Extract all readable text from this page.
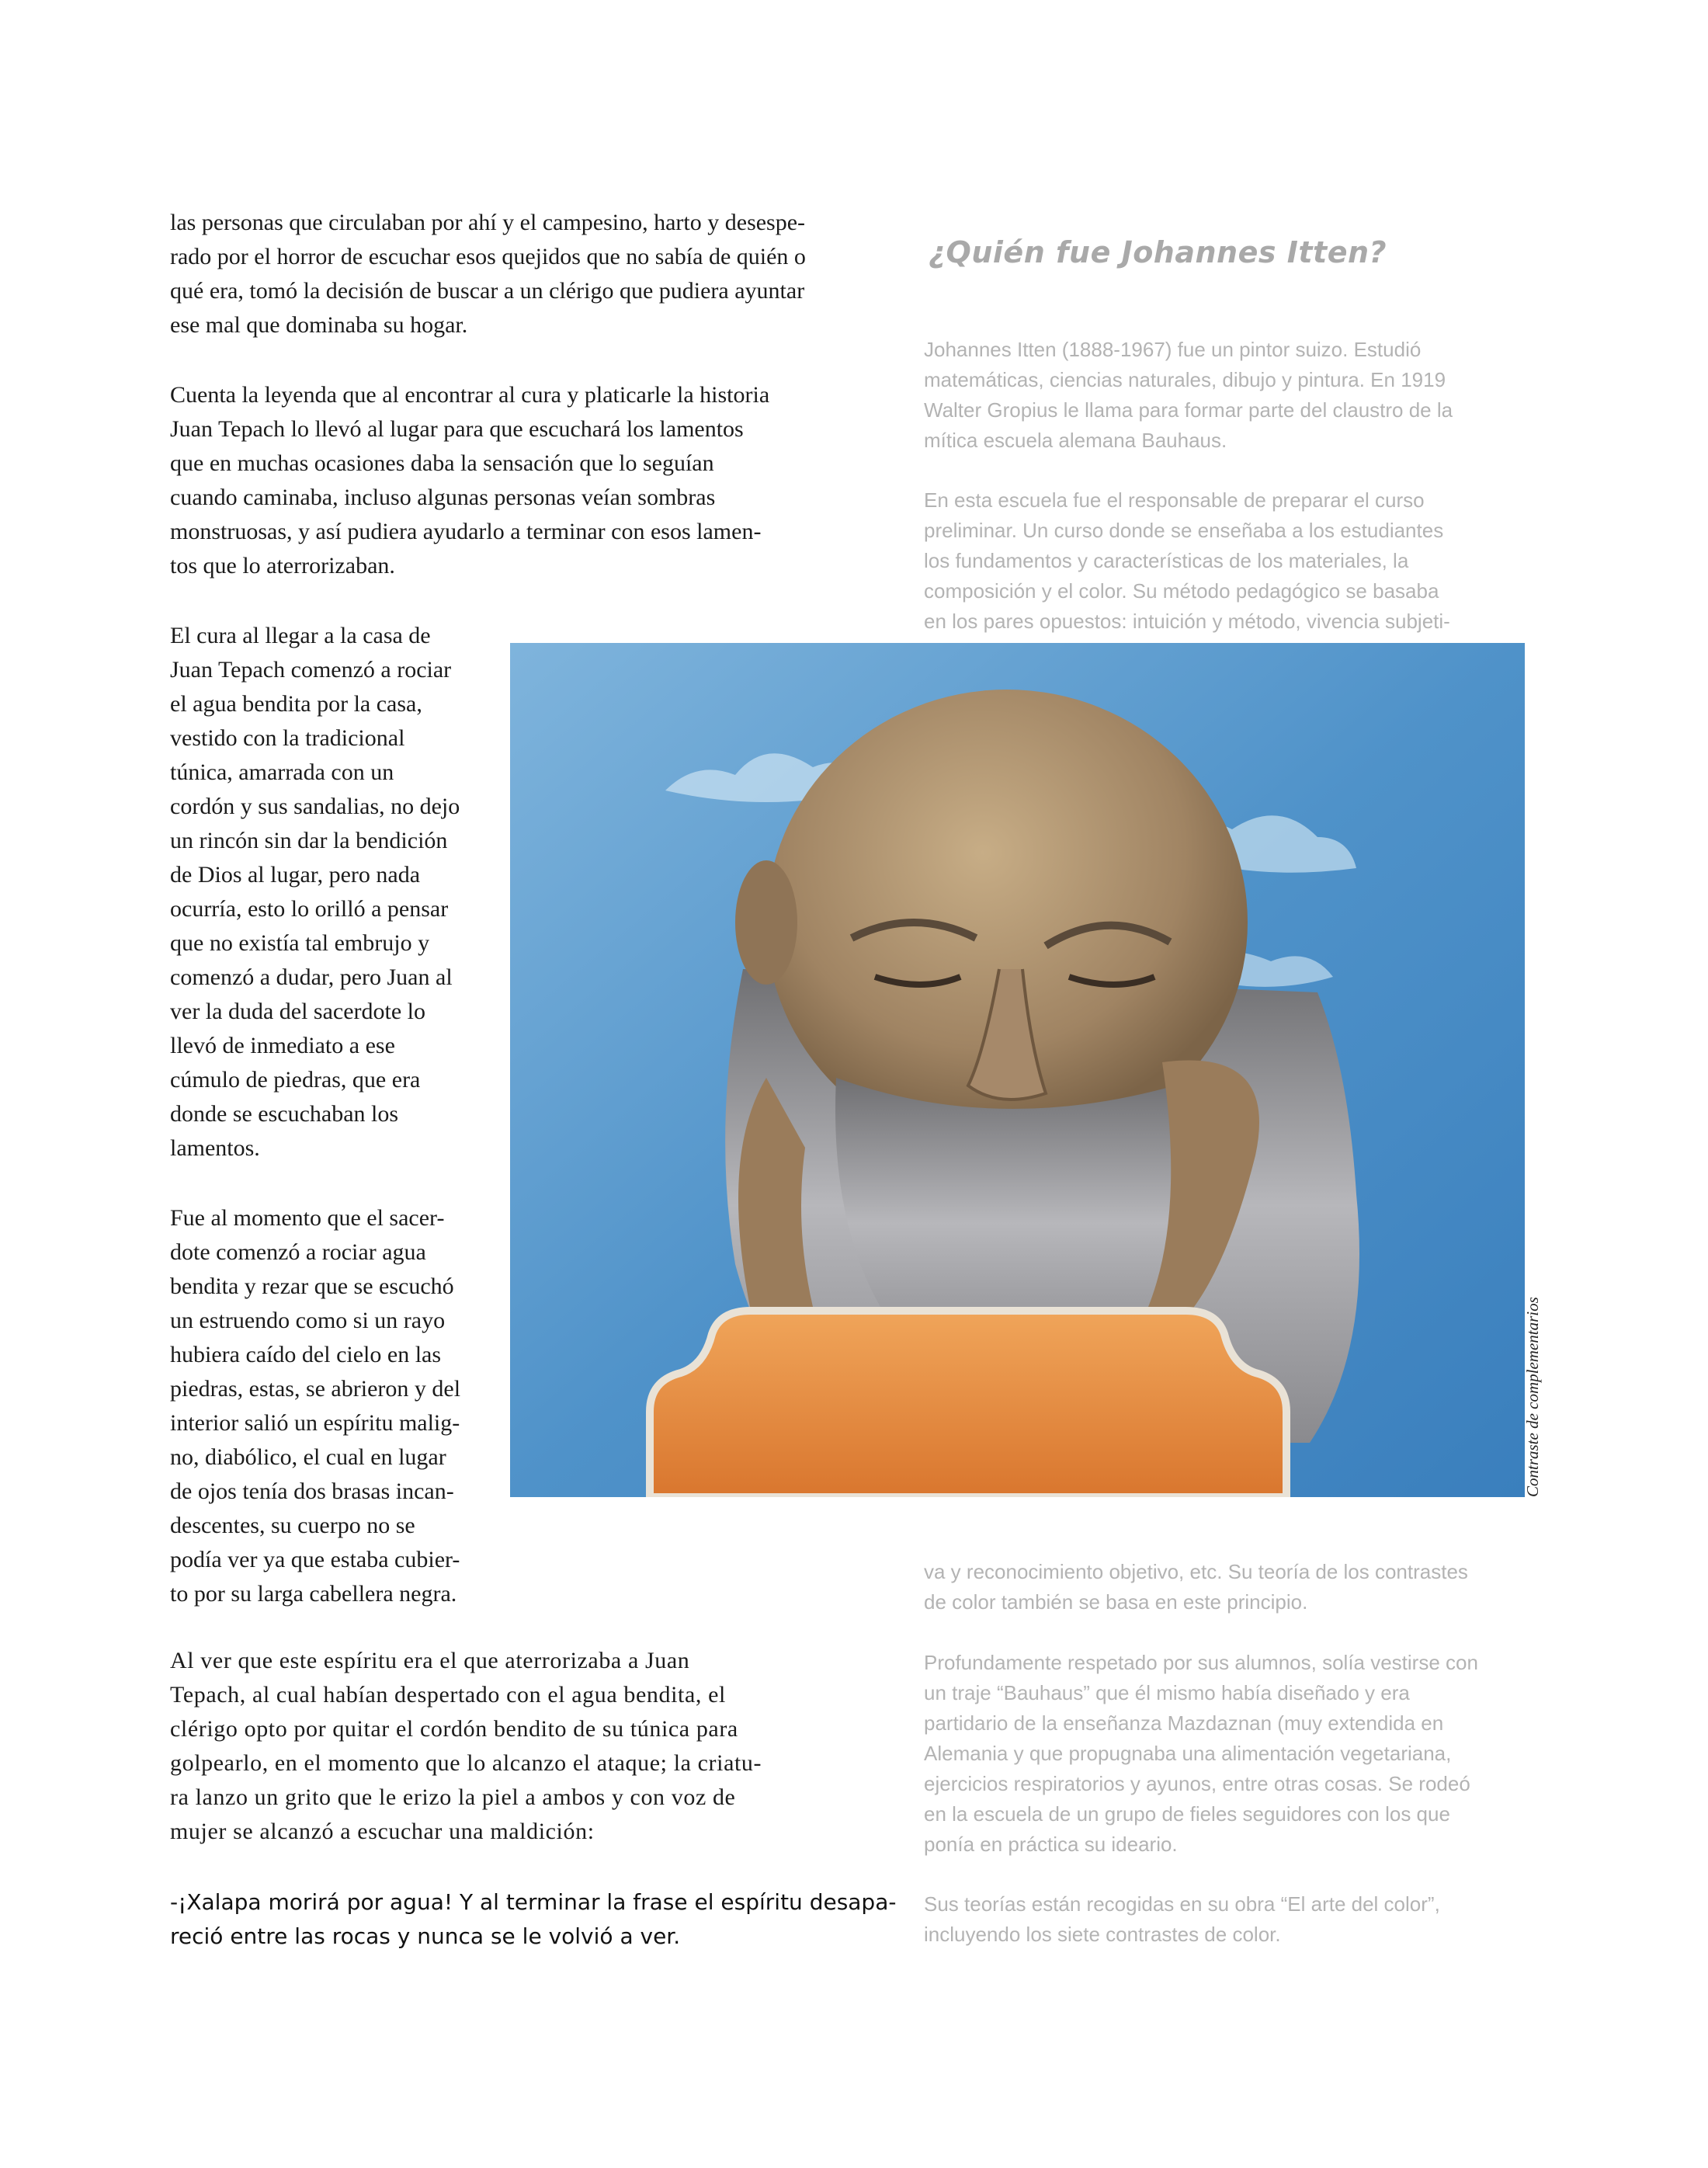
las personas que circulaban por ahí y el campesino, harto y desespe-
rado por el horror de escuchar esos quejidos que no sabía de quién o
qué era, tomó la decisión de buscar a un clérigo que pudiera ayuntar
ese mal que dominaba su hogar.
Cuenta la leyenda que al encontrar al cura y platicarle la historia
Juan Tepach lo llevó al lugar para que escuchará los lamentos
que en muchas ocasiones daba la sensación que lo seguían
cuando caminaba, incluso algunas personas veían sombras
monstruosas, y así pudiera ayudarlo a terminar con esos lamen-
tos que lo aterrorizaban.
El cura al llegar a la casa de
Juan Tepach comenzó a rociar
el agua bendita por la casa,
vestido con la tradicional
túnica, amarrada con un
cordón y sus sandalias, no dejo
un rincón sin dar la bendición
de Dios al lugar, pero nada
ocurría, esto lo orilló a pensar
que no existía tal embrujo y
comenzó a dudar, pero Juan al
ver la duda del sacerdote lo
llevó de inmediato a ese
cúmulo de piedras, que era
donde se escuchaban los
lamentos.
Fue al momento que el sacer-
dote comenzó a rociar agua
bendita y rezar que se escuchó
un estruendo como si un rayo
hubiera caído del cielo en las
piedras, estas, se abrieron y del
interior salió un espíritu malig-
no, diabólico, el cual en lugar
de ojos tenía dos brasas incan-
descentes, su cuerpo no se
podía ver ya que estaba cubier-
to por su larga cabellera negra.
Al ver que este espíritu era el que aterrorizaba a Juan
Tepach, al cual habían despertado con el agua bendita, el
clérigo opto por quitar el cordón bendito de su túnica para
golpearlo, en el momento que lo alcanzo el ataque; la criatu-
ra lanzo un grito que le erizo la piel a ambos y con voz de
mujer se alcanzó a escuchar una maldición:
-¡Xalapa morirá por agua! Y al terminar la frase el espíritu desapa-
reció entre las rocas y nunca se le volvió a ver.
¿Quién fue Johannes Itten?
Johannes Itten (1888-1967) fue un pintor suizo. Estudió
matemáticas, ciencias naturales, dibujo y pintura. En 1919
Walter Gropius le llama para formar parte del claustro de la
mítica escuela alemana Bauhaus.
En esta escuela fue el responsable de preparar el curso
preliminar. Un curso donde se enseñaba a los estudiantes
los fundamentos y características de los materiales, la
composición y el color. Su método pedagógico se basaba
en los pares opuestos: intuición y método, vivencia subjeti-
va y reconocimiento objetivo, etc. Su teoría de los contrastes
de color también se basa en este principio.
Profundamente respetado por sus alumnos, solía vestirse con
un traje “Bauhaus” que él mismo había diseñado y era
partidario de la enseñanza Mazdaznan (muy extendida en
Alemania y que propugnaba una alimentación vegetariana,
ejercicios respiratorios y ayunos, entre otras cosas. Se rodeó
en la escuela de un grupo de fieles seguidores con los que
ponía en práctica su ideario.
Sus teorías están recogidas en su obra “El arte del color”,
incluyendo los siete contrastes de color.
Contraste de complementarios
